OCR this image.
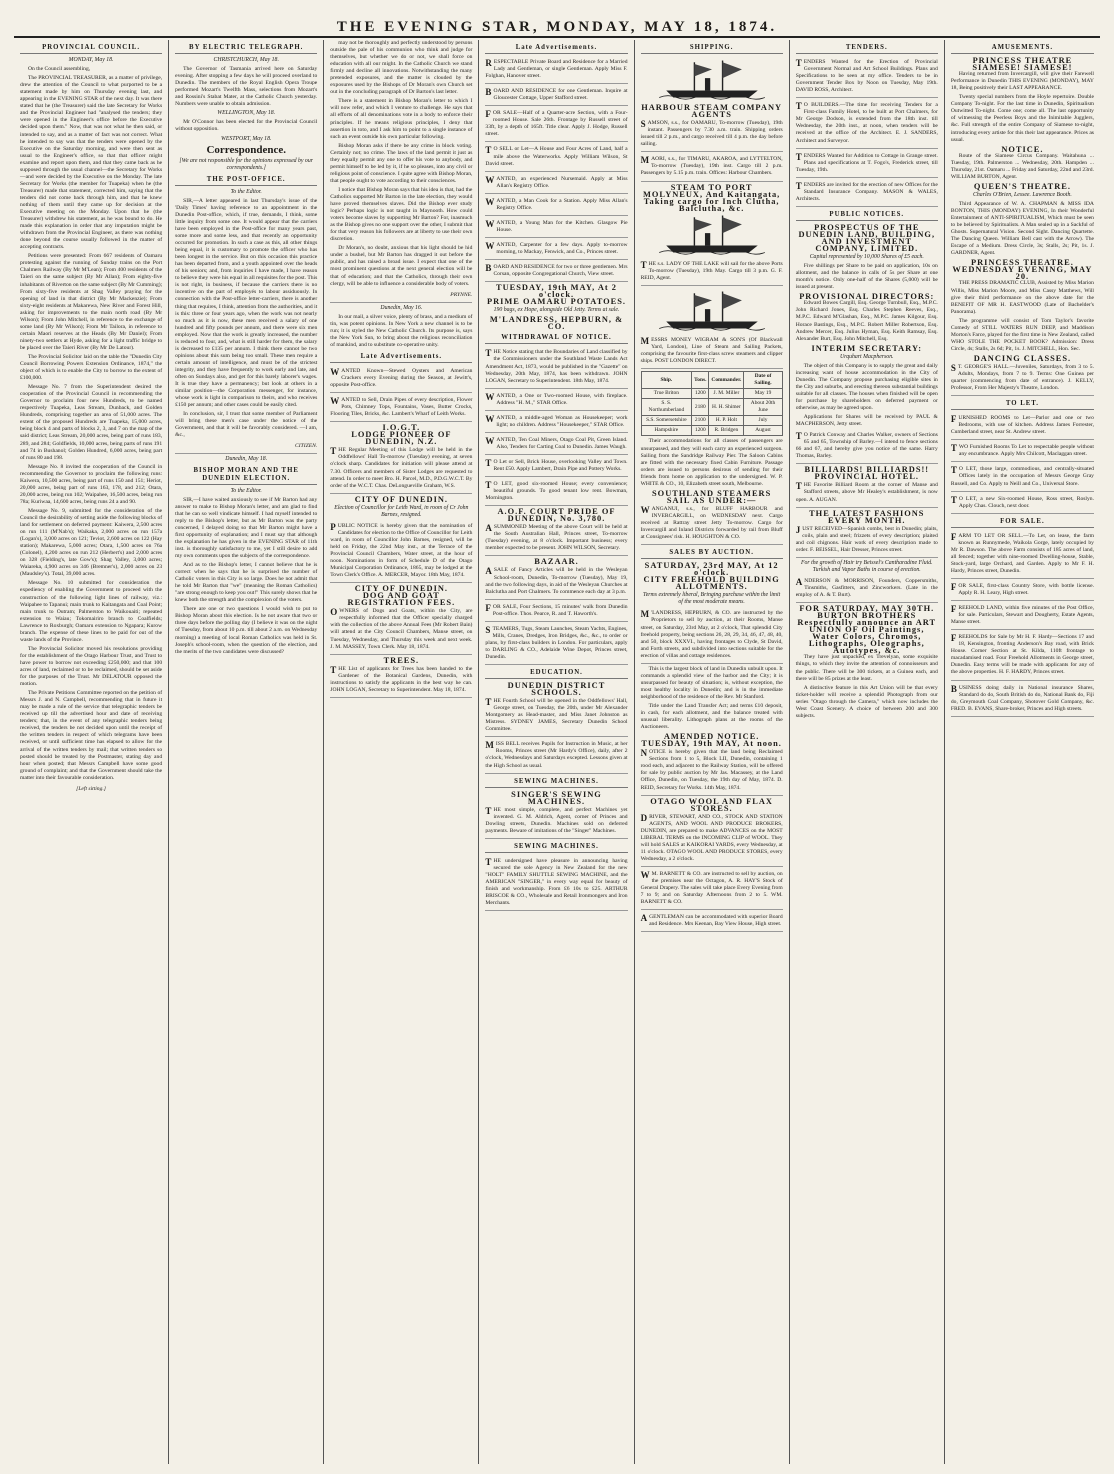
THE EVENING STAR, MONDAY, MAY 18, 1874.
PROVINCIAL COUNCIL.
MONDAY, May 18.

On the Council assembling,

The PROVINCIAL TREASURER, as a matter of privilege, drew the attention of the Council to what purported to be a statement made by him on Thursday evening last, and appearing in the EVENING STAR of the next day. It was there stated that he (the Treasurer) said the late Secretary for Works and the Provincial Engineer had "analysed the tenders; they were opened in the Engineer's office before the Executive decided upon them." Now, that was not what he then said, or intended to say, and as a matter of fact was not correct. What he intended to say was that the tenders were opened by the Executive on the Saturday morning, and were then sent as usual to the Engineer's office, so that that officer might examine and report upon them, and that they came back as he supposed through the usual channel—the Secretary for Works—and were decided by the Executive on the Monday. The late Secretary for Works (the member for Tuapeka) when he (the Treasurer) made that statement, corrected him, saying that the tenders did not come back through him, and that he knew nothing of them until they came up for decision at the Executive meeting on the Monday. Upon that he (the Treasurer) withdrew his statement, as he was bound to do. He made this explanation in order that any imputation might be withdrawn from the Provincial Engineer, as there was nothing done beyond the course usually followed in the matter of accepting contracts.

Petitions were presented: From 667 residents of Oamaru protesting against the running of Sunday trains on the Port Chalmers Railway (By Mr M'Lean); From 400 residents of the Taieri on the same subject (By Mr Allan); From eighty-five inhabitants of Riverton on the same subject (By Mr Cumming); From sixty-five residents at Shag Valley praying for the opening of land in that district (By Mr Mackenzie); From sixty-eight residents at Makarewa, New River and Forest Hill, asking for improvements to the main north road (By Mr Wilson); From John Mitchell, in reference to the exchange of some land (By Mr Wilson); From Mr Tailora, in reference to certain Maori reserves at the Heads (By Mr Daniel); From ninety-two settlers at Hyde, asking for a light traffic bridge to be placed over the Taieri River (By Mr De Latour).

The Provincial Solicitor laid on the table the "Dunedin City Council Borrowing Powers Extension Ordinance, 1874," the object of which is to enable the City to borrow to the extent of £100,000.

Message No. 7 from the Superintendent desired the cooperation of the Provincial Council in recommending the Governor to proclaim four new Hundreds, to be named respectively Tuapeka, Leas Stream, Dunback, and Golden Hundreds, comprising together an area of 51,000 acres. The extent of the proposed Hundreds are Tuapeka, 15,000 acres, being block 4 and parts of blocks 2, 3, and 7 on the map of the said district; Leas Stream, 20,000 acres, being part of runs 183, 289, and 284; Goldfields, 10,000 acres, being parts of runs 191 and 74 in Bushanol; Golden Hundred, 6,000 acres, being part of runs 80 and 198.

Message No. 8 invited the cooperation of the Council in recommending the Governor to proclaim the following runs: Kaiwera, 10,500 acres, being part of runs 150 and 151; Heriot, 20,000 acres, being part of runs 163, 178, and 212; Otara, 20,000 acres, being run 102; Waipahee, 16,500 acres, being run 78a; Kuriwaa, 14,600 acres, being runs 24 a and 90.

Message No. 9, submitted for the consideration of the Council the desirability of setting aside the following blocks of land for settlement on deferred payment: Kaiwera, 2,500 acres on run 111 (M'Nab's); Waikaka, 2,000 acres on run 157a (Logan's), 3,000 acres on 121; Teviot, 2,600 acres on 122 (Hay station); Makarewa, 5,000 acres; Otara, 1,500 acres on 76a (Colonel), 4,200 acres on run 212 (Herbert's) and 2,000 acres on 328 (Fielding's, late Gow's); Shag Valley, 3,000 acres; Waiareka, 4,900 acres on 346 (Bremner's), 2,000 acres on 23 (Maudsley's). Total, 39,000 acres.

Message No. 10 submitted for consideration the expediency of enabling the Government to proceed with the construction of the following light lines of railway, viz.: Waipahee to Tapanui; main trunk to Kaitangata and Coal Point; main trunk to Outram; Palmerston to Waikouaiti; repeated extension to Waiau; Tokomairiro branch to Coalfields; Lawrence to Roxburgh; Oamaru extension to Ngapara; Kurow branch. The expense of these lines to be paid for out of the waste lands of the Province.

The Provincial Solicitor moved his resolutions providing for the establishment of the Otago Harbour Trust, and Trust to have power to borrow not exceeding £250,000; and that 100 acres of land, reclaimed or to be reclaimed, should be set aside for the purposes of the Trust. Mr DELATOUR opposed the motion.

The Private Petitions Committee reported on the petition of Messrs J. and N. Campbell, recommending that in future it may be made a rule of the service that telegraphic tenders be received up till the advertised hour and date of receiving tenders; that, in the event of any telegraphic tenders being received, the tenders be not decided upon until the receipt of the written tenders in respect of which telegrams have been received, or until sufficient time has elapsed to allow for the arrival of the written tenders by mail; that written tenders so posted should be treated by the Postmaster, stating day and hour when posted; that Messrs Campbell have some good ground of complaint; and that the Government should take the matter into their favourable consideration.

[Left sitting.]
BY ELECTRIC TELEGRAPH.
CHRISTCHURCH, May 18.

The Governor of Tasmania arrived here on Saturday evening. After stopping a few days he will proceed overland to Dunedin. The members of the Royal English Opera Troupe performed Mozart's Twelfth Mass, selections from Mozart's and Rossini's Stabat Mater, at the Catholic Church yesterday. Numbers were unable to obtain admission.

WELLINGTON, May 18.

Mr O'Connor has been elected for the Provincial Council without opposition.

WESTPORT, May 18.
Correspondence.
[We are not responsible for the opinions expressed by our correspondents.]
THE POST-OFFICE.
To the Editor.

SIR,—A letter appeared in last Thursday's issue of the 'Daily Times' having reference to an appointment in the Dunedin Post-office, which, if true, demands, I think, some little inquiry from some one. It would appear that the carriers have been employed in the Post-office for many years past, some more and some less, and that recently an opportunity occurred for promotion. In such a case as this, all other things being equal, it is customary to promote the officer who has been longest in the service. But on this occasion this practice has been departed from, and a youth appointed over the heads of his seniors; and, from inquiries I have made, I have reason to believe they were his equal in all requisites for the post. This is not right, in business, if because the carriers there is no incentive on the part of employés to labour assiduously. In connection with the Post-office letter-carriers, there is another thing that requires, I think, attention from the authorities, and it is this: three or four years ago, when the work was not nearly so much as it is now, these men received a salary of one hundred and fifty pounds per annum, and there were six men employed. Now that the work is greatly increased, the number is reduced to four, and, what is still harder for them, the salary is decreased to £135 per annum. I think there cannot be two opinions about this sum being too small. These men require a certain amount of intelligence, and must be of the strictest integrity, and they have frequently to work early and late, and often on Sundays also, and get for this barely laborer's wages. It is true they have a permanency; but look at others in a similar position—the Corporation messenger, for instance, whose work is light in comparison to theirs, and who receives £150 per annum; and other cases could be easily cited.

In conclusion, sir, I trust that some member of Parliament will bring these men's case under the notice of the Government, and that it will be favorably considered. —I am, &c.,

CITIZEN.
Dunedin, May 18.
BISHOP MORAN AND THE DUNEDIN ELECTION.
To the Editor.

SIR,—I have waited anxiously to see if Mr Barton had any answer to make to Bishop Moran's letter, and am glad to find that he can so well vindicate himself. I had myself intended to reply to the Bishop's letter, but as Mr Barton was the party concerned, I delayed doing so that Mr Barton might have a first opportunity of explanation; and I must say that although the explanation he has given in the EVENING STAR of 11th inst. is thoroughly satisfactory to me, yet I still desire to add my own comments upon the subjects of the correspondence.

And as to the Bishop's letter, I cannot believe that he is correct when he says that he is surprised the number of Catholic voters in this City is so large. Does he not admit that he told Mr Barton that "we" (meaning the Roman Catholics) "are strong enough to keep you out!" This surely shows that he knew both the strength and the complexion of the voters.

There are one or two questions I would wish to put to Bishop Moran about this election. Is he not aware that two or three days before the polling day (I believe it was on the night of Tuesday, from about 10 p.m. till about 2 a.m. on Wednesday morning) a meeting of local Roman Catholics was held in St. Joseph's school-room, when the question of the election, and the merits of the two candidates were discussed?

may not be thoroughly and perfectly understood by persons outside the pale of his communion who think and judge for themselves, but whether we do or not, we shall force on education with all our might. In the Catholic Church we stand firmly and decline all innovations. Notwithstanding the many pretended exposures, and the matter is clouded by the exposures used by the Bishops of Dr Moran's own Church set out in the concluding paragraph of Dr Barton's last letter.

There is a statement in Bishop Moran's letter to which I will now refer, and which I venture to challenge. He says that all efforts of all denominations vote in a body to enforce their principles. If he means religious principles, I deny that assertion in toto, and I ask him to point to a single instance of such an event outside his own particular following.

Bishop Moran asks if there be any crime in block voting. Certainly not; no crime. The laws of the land permit it just as they equally permit any one to offer his vote to anybody, and permit himself to be led by it, if he so pleases, into any civil or religious point of conscience. I quite agree with Bishop Moran, that people ought to vote according to their consciences.

I notice that Bishop Moran says that his idea is that, had the Catholics supported Mr Barton in the late election, they would have proved themselves slaves. Did the Bishop ever study logic? Perhaps logic is not taught in Maynooth. How could voters become slaves by supporting Mr Barton? For, inasmuch as the Bishop gives no one support over the other, I submit that for that very reason his followers are at liberty to use their own discretion.

Dr Moran's, no doubt, anxious that his light should be hid under a bushel, but Mr Barton has dragged it out before the public, and has raised a broad issue. I expect that one of the most prominent questions at the next general election will be that of education; and that the Catholics, through their own clergy, will be able to influence a considerable body of voters.

PRYNNE.
Dunedin, May 16.

In our mail, a silver voice, plenty of brass, and a medium of tin, was potent opinions. In New York a new channel is to be run; it is styled the New Catholic Church. Its purpose is, says the New York Sun, to bring about the religious reconciliation of mankind, and to substitute co-operative unity.

Late Advertisements.
WANTED Known—Stewed Oysters and American Crackers every Evening during the Season, at Jewitt's, opposite Post-office.
WANTED to Sell, Drain Pipes of every description, Flower Pots, Chimney Tops, Fountains, Vases, Butter Crocks, Flooring Tiles, Bricks, &c. Lambert's Wharf of Leith Works.
I.O.G.T.
LODGE PIONEER OF DUNEDIN, N.Z.
THE Regular Meeting of this Lodge will be held in the Oddfellows' Hall To-morrow (Tuesday) evening, at seven o'clock sharp. Candidates for initiation will please attend at 7.30. Officers and members of Sister Lodges are requested to attend. In order to meet Bro. H. Parcel, M.D., P.D.G.W.C.T. By order of the W.C.T. Chas. DeLongueville Graham, W.S.
CITY OF DUNEDIN.
Election of Councillor for Leith Ward, in room of Cr John Barnes, resigned.
PUBLIC NOTICE is hereby given that the nomination of Candidates for election to the Office of Councillor for Leith ward, in room of Councillor John Barnes, resigned, will be held on Friday, the 22nd May inst., at the Terrace of the Provincial Council Chambers, Water street, at the hour of noon. Nominations in form of Schedule D of the Otago Municipal Corporation Ordinance, 1865, may be lodged at the Town Clerk's Office. A. MERCER, Mayor. 18th May, 1874.
CITY OF DUNEDIN.
DOG AND GOAT REGISTRATION FEES.
OWNERS of Dogs and Goats, within the City, are respectfully informed that the Officer specially charged with the collection of the above Annual Fees (Mr Robert Bain) will attend at the City Council Chambers, Manse street, on Tuesday, Wednesday, and Thursday this week and next week. J. M. MASSEY, Town Clerk. May 18, 1874.
TREES.
THE List of applicants for Trees has been handed to the Gardener of the Botanical Gardens, Dunedin, with instructions to satisfy the applicants in the best way he can. JOHN LOGAN, Secretary to Superintendent. May 18, 1874.
Late Advertisements.
RESPECTABLE Private Board and Residence for a Married Lady and Gentleman, or single Gentleman. Apply Miss F. Folghan, Hanover street.
BOARD AND RESIDENCE for one Gentleman. Inquire at Gloucester Cottage, Upper Stafford street.
FOR SALE—Half of a Quarter-acre Section, with a Four-roomed House. Sale 26th. Frontage by Russell street of 33ft, by a depth of 165ft. Title clear. Apply J. Hodge, Russell street.
T O SELL or Let—A House and Four Acres of Land, half a mile above the Waterworks. Apply William Wilson, St David street.
WANTED, an experienced Nursemaid. Apply at Miss Allan's Registry Office.
WANTED, a Man Cook for a Station. Apply Miss Allan's Registry Office.
WANTED, a Young Man for the Kitchen. Glasgow Pie House.
WANTED, Carpenter for a few days. Apply to-morrow morning, to Mackay, Fenwick, and Co., Princes street.
BOARD AND RESIDENCE for two or three gentlemen. Mrs Corsan, opposite Congregational Church, View street.
TUESDAY, 19th MAY, At 2 o'clock.
PRIME OAMARU POTATOES.
190 bags, ex Hope, alongside Old Jetty. Terms at sale.
M'LANDRESS, HEPBURN, & CO.
WITHDRAWAL OF NOTICE.
THE Notice stating that the Boundaries of Land classified by the Commissioners under the Southland Waste Lands Act Amendment Act, 1873, would be published in the "Gazette" on Wednesday, 20th May, 1874, has been withdrawn. JOHN LOGAN, Secretary to Superintendent. 18th May, 1874.
WANTED, a One or Two-roomed House, with fireplace. Address "H. M.," STAR Office.
WANTED, a middle-aged Woman as Housekeeper; work light; no children. Address "Housekeeper," STAR Office.
WANTED, Ten Coal Miners, Otago Coal Pit, Green Island. Also, Tenders for Carting Coal to Dunedin. James Waugh.
T O Let or Sell, Brick House, overlooking Valley and Town. Rent £50. Apply Lambert, Drain Pipe and Pottery Works.
T O LET, good six-roomed House; every convenience; beautiful grounds. To good tenant low rent. Bowman, Mornington.
A.O.F. COURT PRIDE OF DUNEDIN, No. 3,780.
A SUMMONED Meeting of the above Court will be held at the South Australian Hall, Princes street, To-morrow (Tuesday) evening, at 8 o'clock. Important business; every member expected to be present. JOHN WILSON, Secretary.
BAZAAR.
A SALE of Fancy Articles will be held in the Wesleyan School-room, Dunedin, To-morrow (Tuesday), May 19, and the two following days, in aid of the Wesleyan Churches at Balclutha and Port Chalmers. To commence each day at 3 p.m.
FOR SALE, Four Sections, 15 minutes' walk from Dunedin Post-office. Thos. Pearce, R. and T. Haworth's.
STEAMERS, Tugs, Steam Launches, Steam Yachts, Engines, Mills, Cranes, Dredges, Iron Bridges, &c., &c., to order or plans, by first-class builders in London. For particulars, apply to DARLING & CO., Adelaide Wine Depot, Princes street, Dunedin.
EDUCATION.
DUNEDIN DISTRICT SCHOOLS.
THE Fourth School will be opened in the Oddfellows' Hall, George street, on Tuesday, the 20th, under Mr Alexander Montgomery as Head-master, and Miss Janet Johnston as Mistress. SYDNEY JAMES, Secretary Dunedin School Committee.
MISS BELL receives Pupils for Instruction in Music, at her Rooms, Princes street (Mr Hardy's Office), daily, after 2 o'clock, Wednesdays and Saturdays excepted. Lessons given at the High School as usual.
SEWING MACHINES.
SINGER'S SEWING MACHINES.
THE most simple, complete, and perfect Machines yet invented. G. M. Aldrich, Agent, corner of Princes and Dowling streets, Dunedin. Machines sold on deferred payments. Beware of imitations of the "Singer" Machines.
SEWING MACHINES.
THE undersigned have pleasure in announcing having secured the sole Agency in New Zealand for the new "HOLT" FAMILY SHUTTLE SEWING MACHINE, and the AMERICAN "SINGER," in every way equal for beauty of finish and workmanship. From £6 10s to £25. ARTHUR BRISCOE & CO., Wholesale and Retail Ironmongers and Iron Merchants.
SHIPPING.
HARBOUR STEAM COMPANY AGENTS
SAMSON, s.s., for OAMARU, To-morrow (Tuesday), 19th instant. Passengers by 7.30 a.m. train. Shipping orders issued till 2 p.m., and cargo received till 4 p.m. the day before sailing.
MAORI, s.s., for TIMARU, AKAROA, and LYTTELTON, To-morrow (Tuesday), 19th inst. Cargo till 2 p.m. Passengers by 5.15 p.m. train. Offices: Harbour Chambers.
STEAM TO PORT MOLYNEUX, And Kaitangata, Taking cargo for Inch Clutha, Balclutha, &c.
THE s.s. LADY OF THE LAKE will sail for the above Ports To-morrow (Tuesday), 19th May. Cargo till 3 p.m. G. F. REID, Agent.
MESSRS MONEY WIGRAM & SON'S (Of Blackwall Yard, London), Line of Steam and Sailing Packets, comprising the favourite first-class screw steamers and clipper ships. POST LONDON DIRECT.
Ship.	Tons.	Commander.	Date of Sailing.
True Briton	1200	J. M. Miller	May 19
S. S. Northumberland	2180	H. H. Shimer	About 20th June
S.S. Somersetshire	2100	H. P. Holt	July
Hampshire	1200	R. Bridgen	August

Their accommodations for all classes of passengers are unsurpassed, and they will each carry an experienced surgeon. Sailing from the Sandridge Railway Pier. The Saloon Cabins are fitted with the necessary fixed Cabin Furniture. Passage orders are issued to persons desirous of sending for their friends from home on application to the undersigned. W. P. WHITE & CO., 10, Elizabeth street south, Melbourne.

SOUTHLAND STEAMERS SAIL AS UNDER:—
WANGANUI, s.s., for BLUFF HARBOUR and INVERCARGILL, on WEDNESDAY next. Cargo received at Rattray street Jetty To-morrow. Cargo for Invercargill and Inland Districts forwarded by rail from Bluff at Consignees' risk. H. HOUGHTON & CO.
SALES BY AUCTION.
SATURDAY, 23rd MAY, At 12 o'clock.
CITY FREEHOLD BUILDING ALLOTMENTS.
Terms extremely liberal, Bringing purchase within the limit of the most moderate means.
M 'LANDRESS, HEPBURN, & CO. are instructed by the Proprietors to sell by auction, at their Rooms, Manse street, on Saturday, 23rd May, at 2 o'clock, That splendid City freehold property, being sections 26, 28, 29, 34, 46, 47, 48, 40, and 50, block XXXVI., having frontages to Clyde, St David, and Forth streets, and subdivided into sections suitable for the erection of villas and cottage residences.

This is the largest block of land in Dunedin unbuilt upon. It commands a splendid view of the harbor and the City; it is unsurpassed for beauty of situation; is, without exception, the most healthy locality in Dunedin; and is in the immediate neighborhood of the residence of the Rev. Mr Stanford.

Title under the Land Transfer Act; and terms £10 deposit, in cash, for each allotment, and the balance treated with unusual liberality. Lithograph plans at the rooms of the Auctioneers.

AMENDED NOTICE.
TUESDAY, 19th MAY, At noon.
NOTICE is hereby given that the land being Reclaimed Sections from 1 to 5, Block LII, Dunedin, containing 1 rood each, and adjacent to the Railway Station, will be offered for sale by public auction by Mr Jas. Macassey, at the Land Office, Dunedin, on Tuesday, the 19th day of May, 1874. D. REID, Secretary for Works. 14th May, 1874.
OTAGO WOOL AND FLAX STORES.
DRIVER, STEWART, AND CO., STOCK AND STATION AGENTS, AND WOOL AND PRODUCE BROKERS, DUNEDIN, are prepared to make ADVANCES on the MOST LIBERAL TERMS on the INCOMING CLIP of WOOL. They will hold SALES at KAIKORAI YARDS, every Wednesday, at 11 o'clock. OTAGO WOOL AND PRODUCE STORES, every Wednesday, a 2 o'clock.
W M. BARNETT & CO. are instructed to sell by auction, on the premises near the Octagon, A. R. HAY'S Stock of General Drapery. The sales will take place Every Evening from 7 to 9; and on Saturday Afternoons from 2 to 5. WM. BARNETT & CO.
A GENTLEMAN can be accommodated with superior Board and Residence. Mrs Keenan, Bay View House, High street.
TENDERS.
TENDERS Wanted for the Erection of Provincial Government Normal and Art School Buildings. Plans and Specifications to be seen at my office. Tenders to be in Government Tender Box by Noon on Tuesday, May 19th. DAVID ROSS, Architect.
T O BUILDERS.—The time for receiving Tenders for a First-class Family Hotel, to be built at Port Chalmers, for Mr George Dodson, is extended from the 18th inst. till Wednesday, the 20th inst., at noon, when tenders will be received at the office of the Architect. E. J. SANDERS, Architect and Surveyor.
TENDERS Wanted for Addition to Cottage in Grange street. Plans and specifications at T. Fogo's, Frederick street, till Tuesday, 19th.
TENDERS are invited for the erection of new Offices for the Standard Insurance Company. MASON & WALES, Architects.
PUBLIC NOTICES.
PROSPECTUS OF THE DUNEDIN LAND, BUILDING, AND INVESTMENT COMPANY, LIMITED.
Capital represented by 10,000 Shares of £5 each.

Five shillings per Share to be paid on application, 10s on allotment, and the balance in calls of 5s per Share at one month's notice. Only one-half of the Shares (5,000) will be issued at present.

PROVISIONAL DIRECTORS:

Edward Bowes Cargill, Esq. George Turnbull, Esq., M.P.C. John Richard Jones, Esq. Charles Stephen Reeves, Esq., M.P.C. Edward M'Glashan, Esq., M.P.C. James Kilgour, Esq. Horace Bastings, Esq., M.P.C. Robert Miller Robertson, Esq. Andrew Mercer, Esq. Julius Hyman, Esq. Keith Ramsay, Esq. Alexander Burt, Esq. John Mitchell, Esq.

INTERIM SECRETARY:
Urquhart Macpherson.

The object of this Company is to supply the great and daily increasing want of house accommodation in the City of Dunedin. The Company propose purchasing eligible sites in the City and suburbs, and erecting thereon substantial buildings suitable for all classes. The houses when finished will be open for purchase by shareholders on deferred payment or otherwise, as may be agreed upon.

Applications for Shares will be received by PAUL & MACPHERSON, Jetty street.

T O Patrick Conway and Charles Walker, owners of Sections 65 and 65, Township of Barley.—I intend to fence sections 66 and 67, and hereby give you notice of the same. Harry Thomas, Barley.
BILLIARDS! BILLIARDS!!
PROVINCIAL HOTEL.
THE Favorite Billiard Room at the corner of Manse and Stafford streets, above Mr Healey's establishment, is now open. A. AUGAN.
THE LATEST FASHIONS EVERY MONTH.
JUST RECEIVED—Spanish combs, best in Dunedin; plaits, coils, plain and steel; frizzets of every description; plaited and coil chignons. Hair work of every description made to order. F. BEISSEL, Hair Dresser, Princes street.
For the growth of Hair try Beissel's Cantharadine Fluid. Turkish and Vapor Baths in course of erection.
ANDERSON & MORRISON, Founders, Coppersmiths, Tinsmiths, Gasfitters, and Zincworkers. (Late in the employ of A. & T. Burt).
FOR SATURDAY, MAY 30TH.
BURTON BROTHERS Respectfully announce an ART UNION OF Oil Paintings, Water Colors, Chromos, Lithographs, Oleographs, Autotypes, &c.

They have just unpacked, ex Trevelyan, some exquisite things, to which they invite the attention of connoisseurs and the public. There will be 300 tickets, at a Guinea each, and there will be 85 prizes at the least.

A distinctive feature in this Art Union will be that every ticket-holder will receive a splendid Photograph from our series "Otago through the Camera," which now includes the West Coast Scenery. A choice of between 200 and 300 subjects.

AMUSEMENTS.
PRINCESS THEATRE
SIAMESE! SIAMESE!

Having returned from Invercargill, will give their Farewell Performance in Dunedin THIS EVENING (MONDAY), MAY 18, Being positively their LAST APPEARANCE.

Twenty special numbers from the Hoyle repertoire. Double Company To-night. For the last time in Dunedin, Spiritualism Outwitted To-night. Come one; come all. The last opportunity of witnessing the Peerless Boys and the Inimitable Jugglers, &c. Full strength of the entire Company of Siamese to-night, introducing every artiste for this their last appearance. Prices as usual.

NOTICE.

Route of the Siamese Circus Company. Waitahuna ... Tuesday, 19th. Palmerston ... Wednesday, 20th. Hampden ... Thursday, 21st. Oamaru ... Friday and Saturday, 22nd and 23rd. WILLIAM BURTON, Agent.

QUEEN'S THEATRE.
Charles O'Brien, Lessee. Lawrence Booth.

Third Appearance of W. A. CHAPMAN & MISS IDA BONTON, THIS (MONDAY) EVENING, In their Wonderful Entertainment of ANTI-SPIRITUALISM, Which must be seen to be believed by Spiritualists. A Man sealed up in a Sackful of Ghosts. Supernatural Vision. Second Sight. Dancing Quartette. The Dancing Queen. William Bell cast with the Arrow). The Escape of a Medium. Dress Circle, 3s; Stalls, 2s; Pit, 1s. J. GARDNER, Agent.

PRINCESS THEATRE.
WEDNESDAY EVENING, MAY 20.

THE PRESS DRAMATIC CLUB, Assisted by Miss Marion Willis, Miss Marion Moore, and Miss Cassy Matthews, Will give their third performance on the above date for the BENEFIT OF MR H. EASTWOOD (Late of Bachelder's Panorama).

The programme will consist of Tom Taylor's favorite Comedy of STILL WATERS RUN DEEP, and Maddison Morton's Farce, played for the first time in New Zealand, called WHO STOLE THE POCKET BOOK? Admission: Dress Circle, 4s; Stalls, 2s 6d; Pit, 1s. J. MITCHELL, Hon. Sec.

DANCING CLASSES.
S T. GEORGE'S HALL.—Juveniles, Saturdays, from 3 to 5. Adults, Mondays, from 7 to 9. Terms: One Guinea per quarter (commencing from date of entrance). J. KELLY, Professor, From Her Majesty's Theatre, London.
TO LET.
FURNISHED ROOMS to Let—Parlor and one or two Bedrooms, with use of kitchen. Address James Forrester, Cumberland street, near St. Andrew street.
TWO Furnished Rooms To Let to respectable people without any encumbrance. Apply Mrs Chilcott, Maclaggan street.
T O LET, those large, commodious, and centrally-situated Offices lately in the occupation of Messrs George Gray Russell, and Co. Apply to Neill and Co., Universal Store.
T O LET, a new Six-roomed House, Ross street, Roslyn. Apply Chas. Clouch, next door.
FOR SALE.
FARM TO LET OR SELL.—To Let, on lease, the farm known as Runnymede, Waikola Gorge, lately occupied by Mr R. Dawson. The above Farm consists of 185 acres of land, all fenced; together with nine-roomed Dwelling-house, Stable, Stock-yard, large Orchard, and Garden. Apply to Mr F. H. Hardy, Princes street, Dunedin.
FOR SALE, first-class Country Store, with bottle license. Apply R. H. Leary, High street.
FREEHOLD LAND, within five minutes of the Post Office, for sale. Particulars, Stewart and Dougherty, Estate Agents, Manse street.
FREEHOLDS for Sale by Mr H. F. Hardy—Sections 17 and 18, Kensington, fronting Anderson's Bay road, with Brick House. Corner Section at St. Kilda, 110ft frontage to macadamised road. Four Freehold Allotments in George street, Dunedin. Easy terms will be made with applicants for any of the above properties. H. F. HARDY, Princes street.
BUSINESS doing daily in National insurance Shares, Standard do do, South British do do, National Bank do, Fiji do, Greymouth Coal Company, Shotover Gold Company, &c. FRED. B. EVANS, Share-broker, Princes and High streets.
